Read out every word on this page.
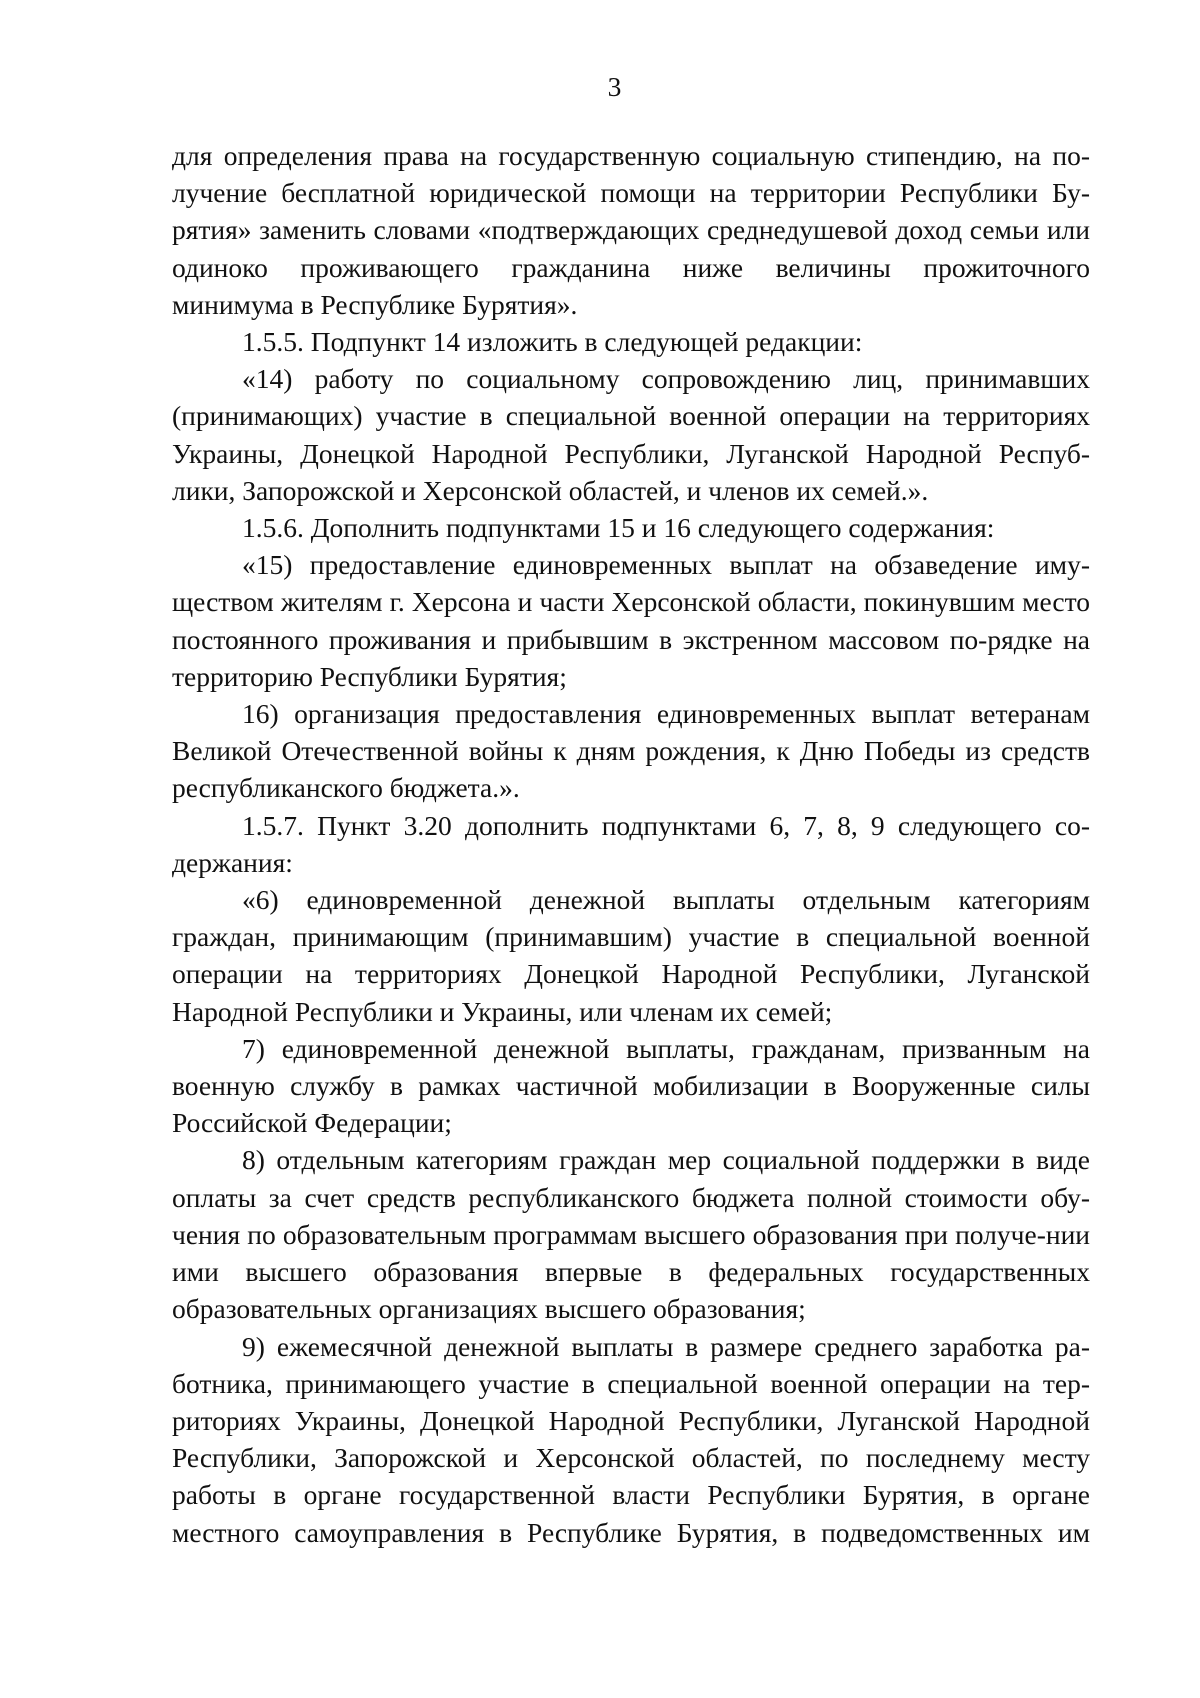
3

для определения права на государственную социальную стипендию, на по-лучение бесплатной юридической помощи на территории Республики Бу-рятия» заменить словами «подтверждающих среднедушевой доход семьи или одиноко проживающего гражданина ниже величины прожиточного минимума в Республике Бурятия».

1.5.5. Подпункт 14 изложить в следующей редакции:

«14) работу по социальному сопровождению лиц, принимавших (принимающих) участие в специальной военной операции на территориях Украины, Донецкой Народной Республики, Луганской Народной Респуб-лики, Запорожской и Херсонской областей, и членов их семей.».

1.5.6. Дополнить подпунктами 15 и 16 следующего содержания:

«15) предоставление единовременных выплат на обзаведение иму-ществом жителям г. Херсона и части Херсонской области, покинувшим место постоянного проживания и прибывшим в экстренном массовом по-рядке на территорию Республики Бурятия;

16) организация предоставления единовременных выплат ветеранам Великой Отечественной войны к дням рождения, к Дню Победы из средств республиканского бюджета.».

1.5.7. Пункт 3.20 дополнить подпунктами 6, 7, 8, 9 следующего со-держания:

«6) единовременной денежной выплаты отдельным категориям граждан, принимающим (принимавшим) участие в специальной военной операции на территориях Донецкой Народной Республики, Луганской Народной Республики и Украины, или членам их семей;

7) единовременной денежной выплаты, гражданам, призванным на военную службу в рамках частичной мобилизации в Вооруженные силы Российской Федерации;

8) отдельным категориям граждан мер социальной поддержки в виде оплаты за счет средств республиканского бюджета полной стоимости обу-чения по образовательным программам высшего образования при получе-нии ими высшего образования впервые в федеральных государственных образовательных организациях высшего образования;

9) ежемесячной денежной выплаты в размере среднего заработка ра-ботника, принимающего участие в специальной военной операции на тер-риториях Украины, Донецкой Народной Республики, Луганской Народной Республики, Запорожской и Херсонской областей, по последнему месту работы в органе государственной власти Республики Бурятия, в органе местного самоуправления в Республике Бурятия, в подведомственных им
